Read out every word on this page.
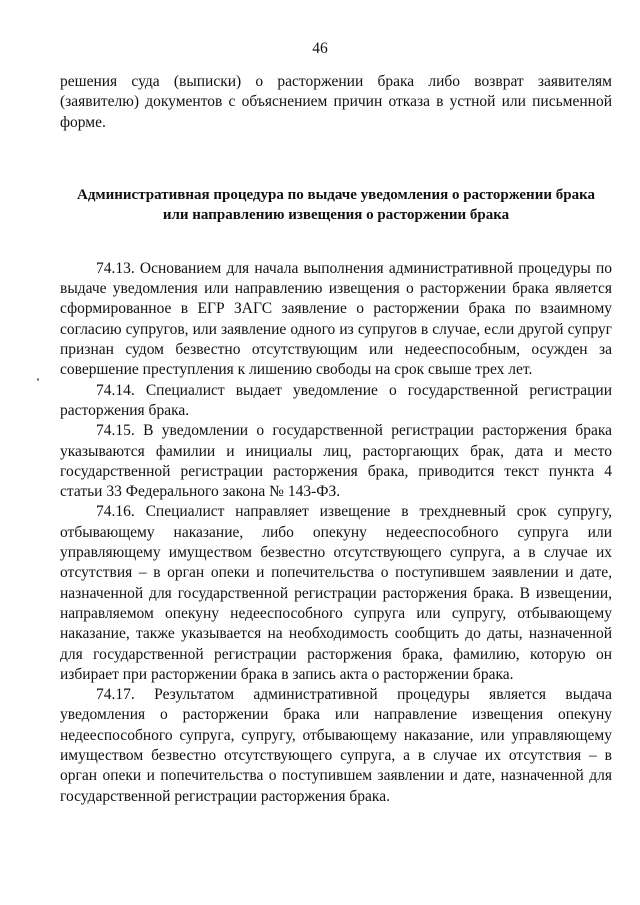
46

решения суда (выписки) о расторжении брака либо возврат заявителям (заявителю) документов с объяснением причин отказа в устной или письменной форме.

Административная процедура по выдаче уведомления о расторжении брака
или направлению извещения о расторжении брака

74.13. Основанием для начала выполнения административной процедуры по выдаче уведомления или направлению извещения о расторжении брака является сформированное в ЕГР ЗАГС заявление о расторжении брака по взаимному согласию супругов, или заявление одного из супругов в случае, если другой супруг признан судом безвестно отсутствующим или недееспособным, осужден за совершение преступления к лишению свободы на срок свыше трех лет.

74.14. Специалист выдает уведомление о государственной регистрации расторжения брака.

74.15. В уведомлении о государственной регистрации расторжения брака указываются фамилии и инициалы лиц, расторгающих брак, дата и место государственной регистрации расторжения брака, приводится текст пункта 4 статьи 33 Федерального закона № 143-ФЗ.

74.16. Специалист направляет извещение в трехдневный срок супругу, отбывающему наказание, либо опекуну недееспособного супруга или управляющему имуществом безвестно отсутствующего супруга, а в случае их отсутствия – в орган опеки и попечительства о поступившем заявлении и дате, назначенной для государственной регистрации расторжения брака. В извещении, направляемом опекуну недееспособного супруга или супругу, отбывающему наказание, также указывается на необходимость сообщить до даты, назначенной для государственной регистрации расторжения брака, фамилию, которую он избирает при расторжении брака в запись акта о расторжении брака.

74.17. Результатом административной процедуры является выдача уведомления о расторжении брака или направление извещения опекуну недееспособного супруга, супругу, отбывающему наказание, или управляющему имуществом безвестно отсутствующего супруга, а в случае их отсутствия – в орган опеки и попечительства о поступившем заявлении и дате, назначенной для государственной регистрации расторжения брака.
